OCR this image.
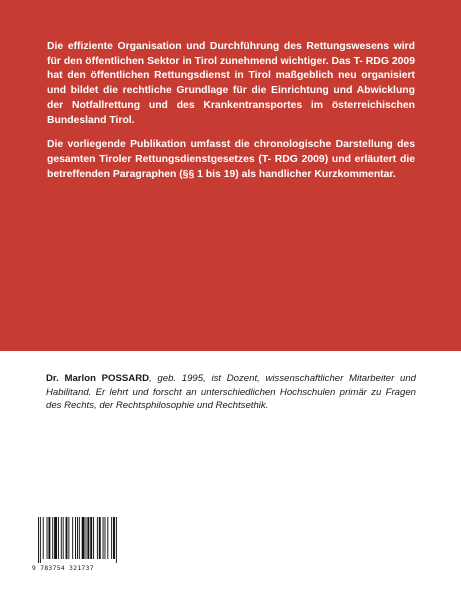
Die effiziente Organisation und Durchführung des Rettungswesens wird für den öffentlichen Sektor in Tirol zunehmend wichtiger. Das T- RDG 2009 hat den öffentlichen Rettungsdienst in Tirol maßgeblich neu organisiert und bildet die rechtliche Grundlage für die Einrichtung und Abwicklung der Notfallrettung und des Krankentransportes im österreichischen Bundesland Tirol.

Die vorliegende Publikation umfasst die chronologische Darstellung des gesamten Tiroler Rettungsdienstgesetzes (T- RDG 2009) und erläutert die betreffenden Paragraphen (§§ 1 bis 19) als handlicher Kurzkommentar.

Dr. Marlon POSSARD, geb. 1995, ist Dozent, wissenschaftlicher Mitarbeiter und Habilitand. Er lehrt und forscht an unterschiedlichen Hochschulen primär zu Fragen des Rechts, der Rechtsphilosophie und Rechtsethik.
9 783754 321737
